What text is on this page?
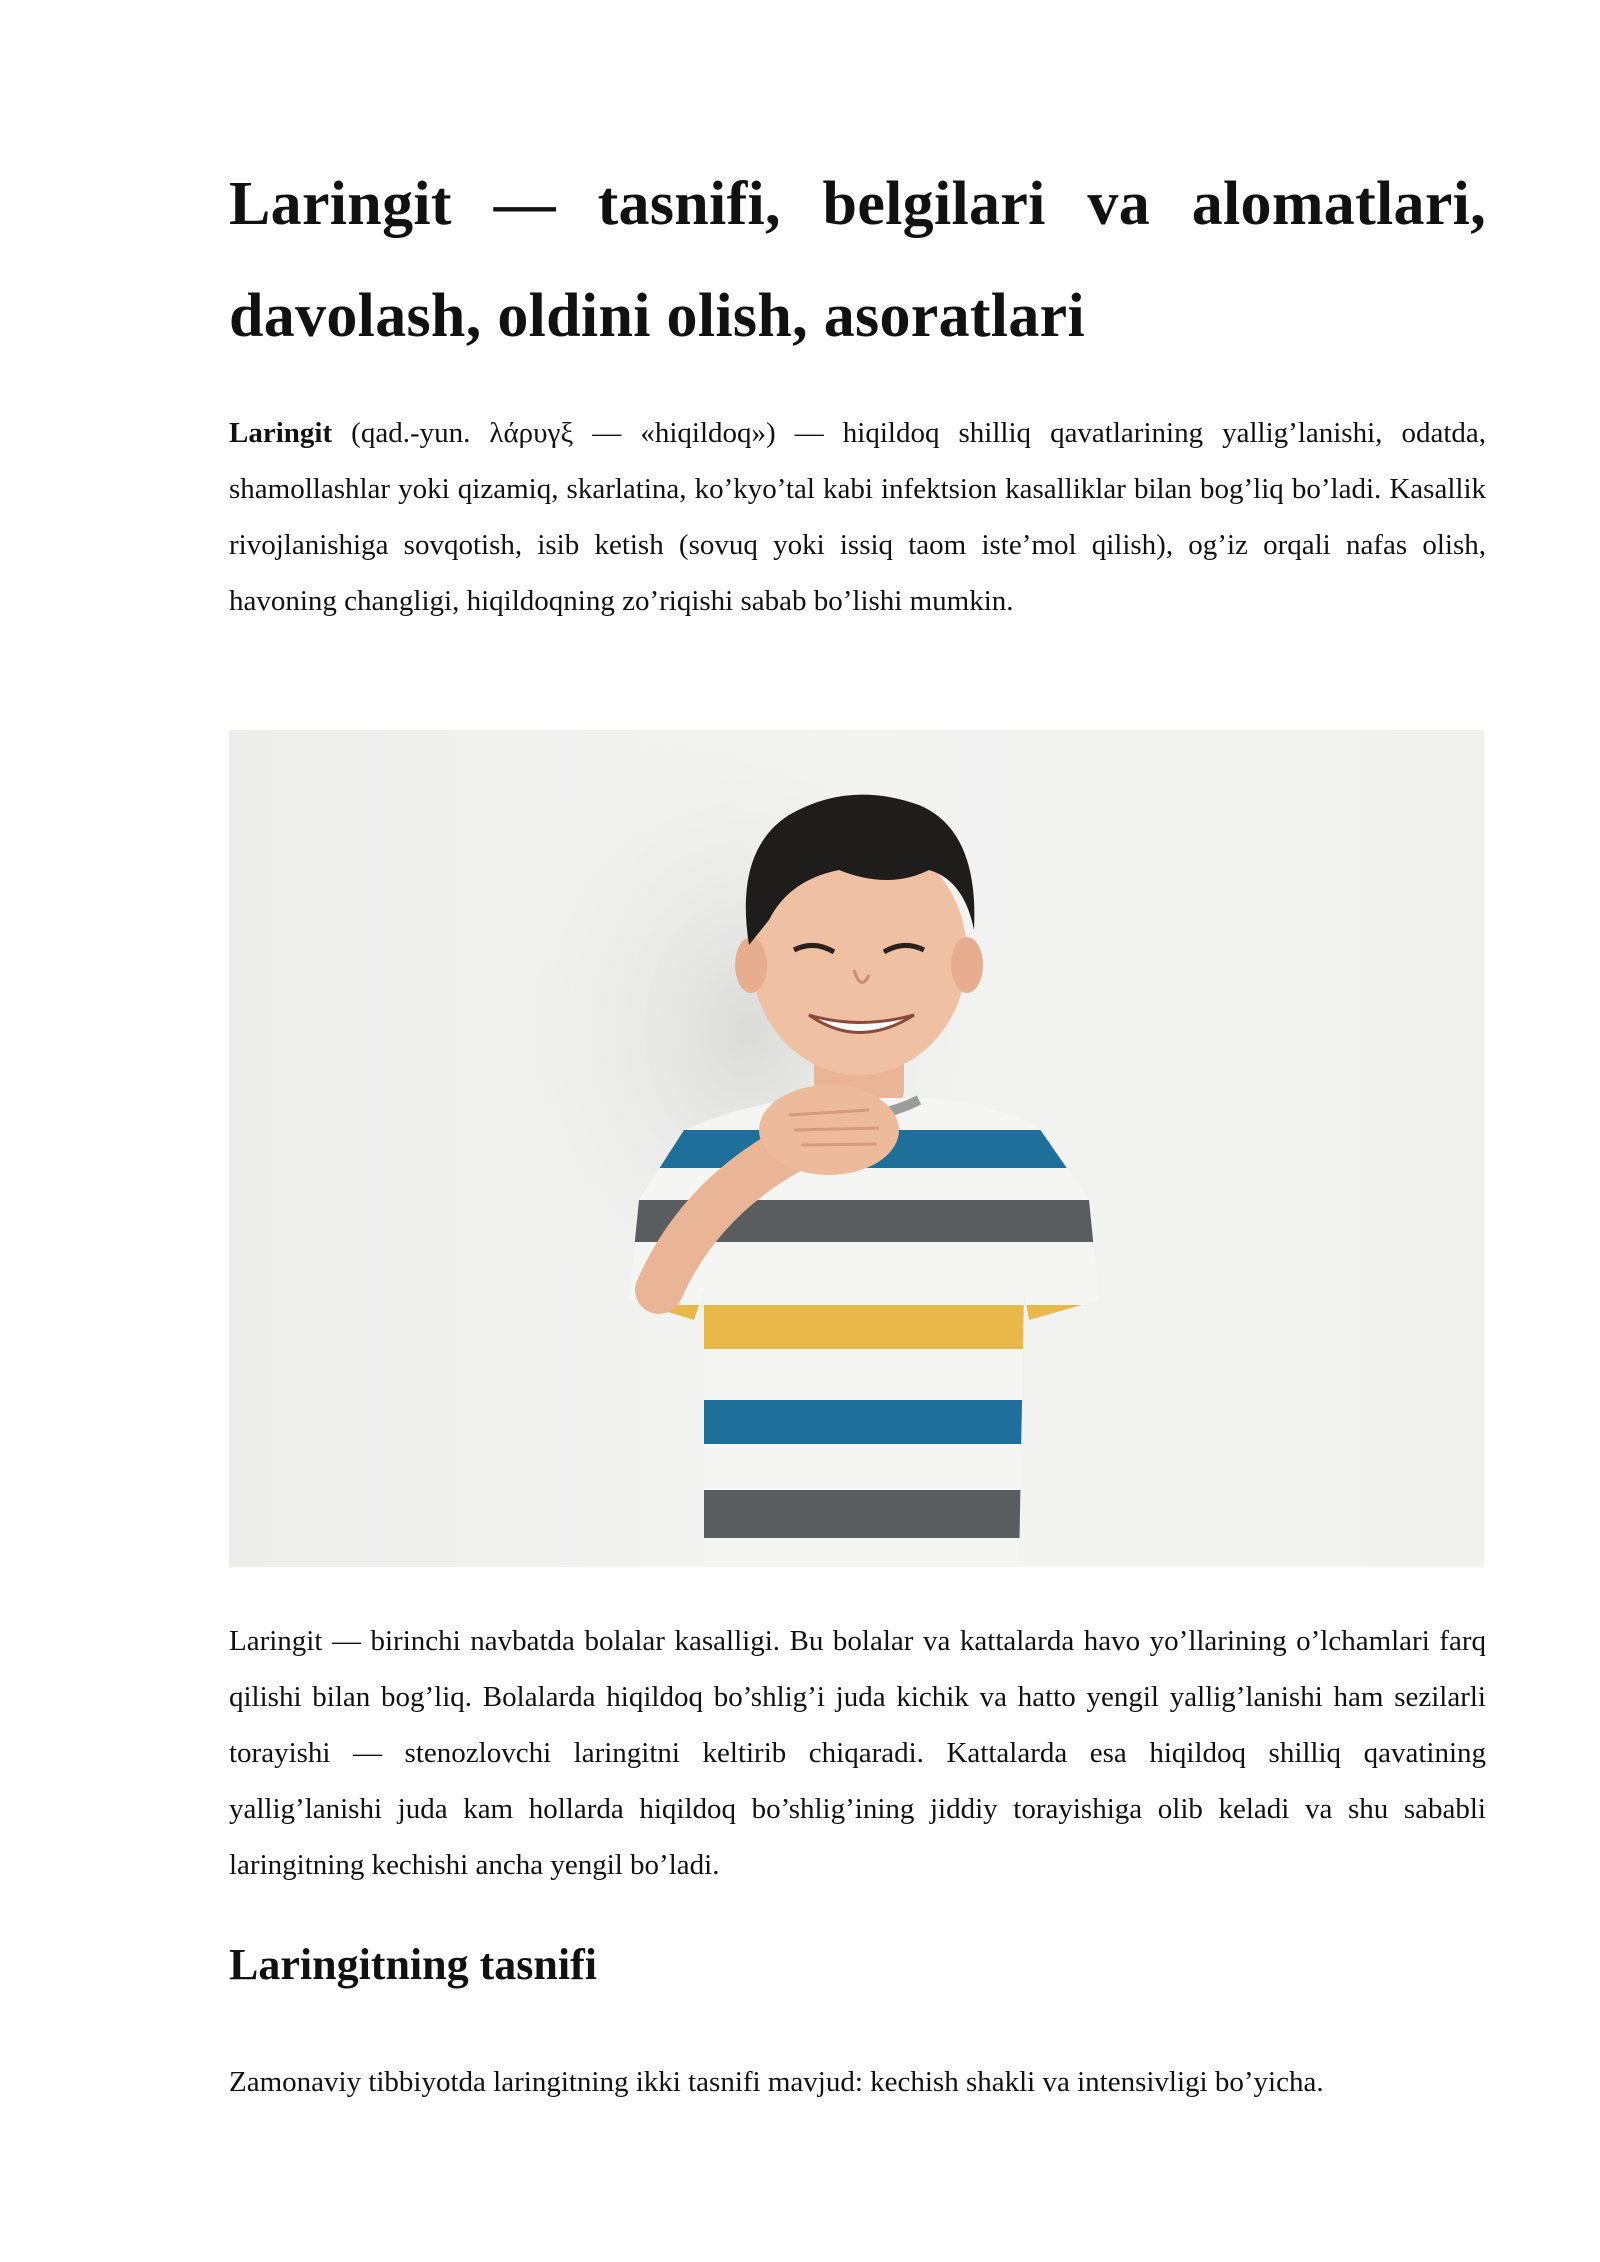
Laringit — tasnifi, belgilari va alomatlari, davolash, oldini olish, asoratlari

Laringit (qad.-yun. λάρυγξ — «hiqildoq») — hiqildoq shilliq qavatlarining yallig’lanishi, odatda, shamollashlar yoki qizamiq, skarlatina, ko’kyo’tal kabi infektsion kasalliklar bilan bog’liq bo’ladi. Kasallik rivojlanishiga sovqotish, isib ketish (sovuq yoki issiq taom iste’mol qilish), og’iz orqali nafas olish, havoning changligi, hiqildoqning zo’riqishi sabab bo’lishi mumkin.

Laringit — birinchi navbatda bolalar kasalligi. Bu bolalar va kattalarda havo yo’llarining o’lchamlari farq qilishi bilan bog’liq. Bolalarda hiqildoq bo’shlig’i juda kichik va hatto yengil yallig’lanishi ham sezilarli torayishi — stenozlovchi laringitni keltirib chiqaradi. Kattalarda esa hiqildoq shilliq qavatining yallig’lanishi juda kam hollarda hiqildoq bo’shlig’ining jiddiy torayishiga olib keladi va shu sababli laringitning kechishi ancha yengil bo’ladi.

Laringitning tasnifi

Zamonaviy tibbiyotda laringitning ikki tasnifi mavjud: kechish shakli va intensivligi bo’yicha.
